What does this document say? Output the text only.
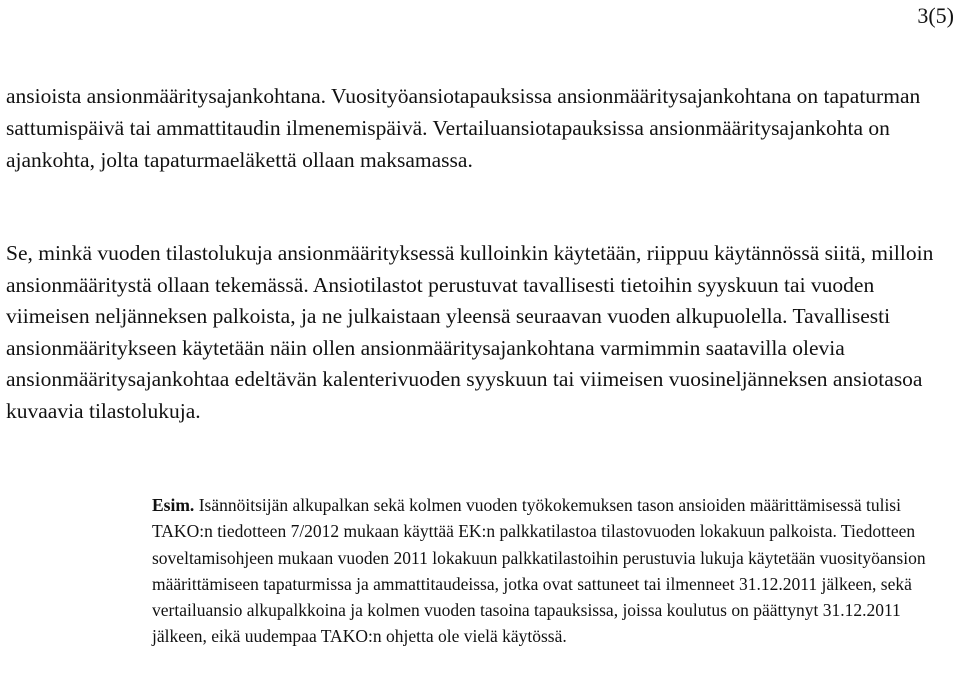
3(5)

ansioista ansionmääritysajankohtana. Vuosityöansiotapauksissa ansionmääritysajankohtana on tapaturman sattumispäivä tai ammattitaudin ilmenemispäivä. Vertailuansiotapauksissa ansionmääritysajankohta on ajankohta, jolta tapaturmaeläkettä ollaan maksamassa.

Se, minkä vuoden tilastolukuja ansionmäärityksessä kulloinkin käytetään, riippuu käytännössä siitä, milloin ansionmääritystä ollaan tekemässä. Ansiotilastot perustuvat tavallisesti tietoihin syyskuun tai vuoden viimeisen neljänneksen palkoista, ja ne julkaistaan yleensä seuraavan vuoden alkupuolella. Tavallisesti ansionmääritykseen käytetään näin ollen ansionmääritysajankohtana varmimmin saatavilla olevia ansionmääritysajankohtaa edeltävän kalenterivuoden syyskuun tai viimeisen vuosineljänneksen ansiotasoa kuvaavia tilastolukuja.

Esim. Isännöitsijän alkupalkan sekä kolmen vuoden työkokemuksen tason ansioiden määrittämisessä tulisi TAKO:n tiedotteen 7/2012 mukaan käyttää EK:n palkkatilastoa tilastovuoden lokakuun palkoista. Tiedotteen soveltamisohjeen mukaan vuoden 2011 lokakuun palkkatilastoihin perustuvia lukuja käytetään vuosityöansion määrittämiseen tapaturmissa ja ammattitaudeissa, jotka ovat sattuneet tai ilmenneet 31.12.2011 jälkeen, sekä vertailuansio alkupalkkoina ja kolmen vuoden tasoina tapauksissa, joissa koulutus on päättynyt 31.12.2011 jälkeen, eikä uudempaa TAKO:n ohjetta ole vielä käytössä.
